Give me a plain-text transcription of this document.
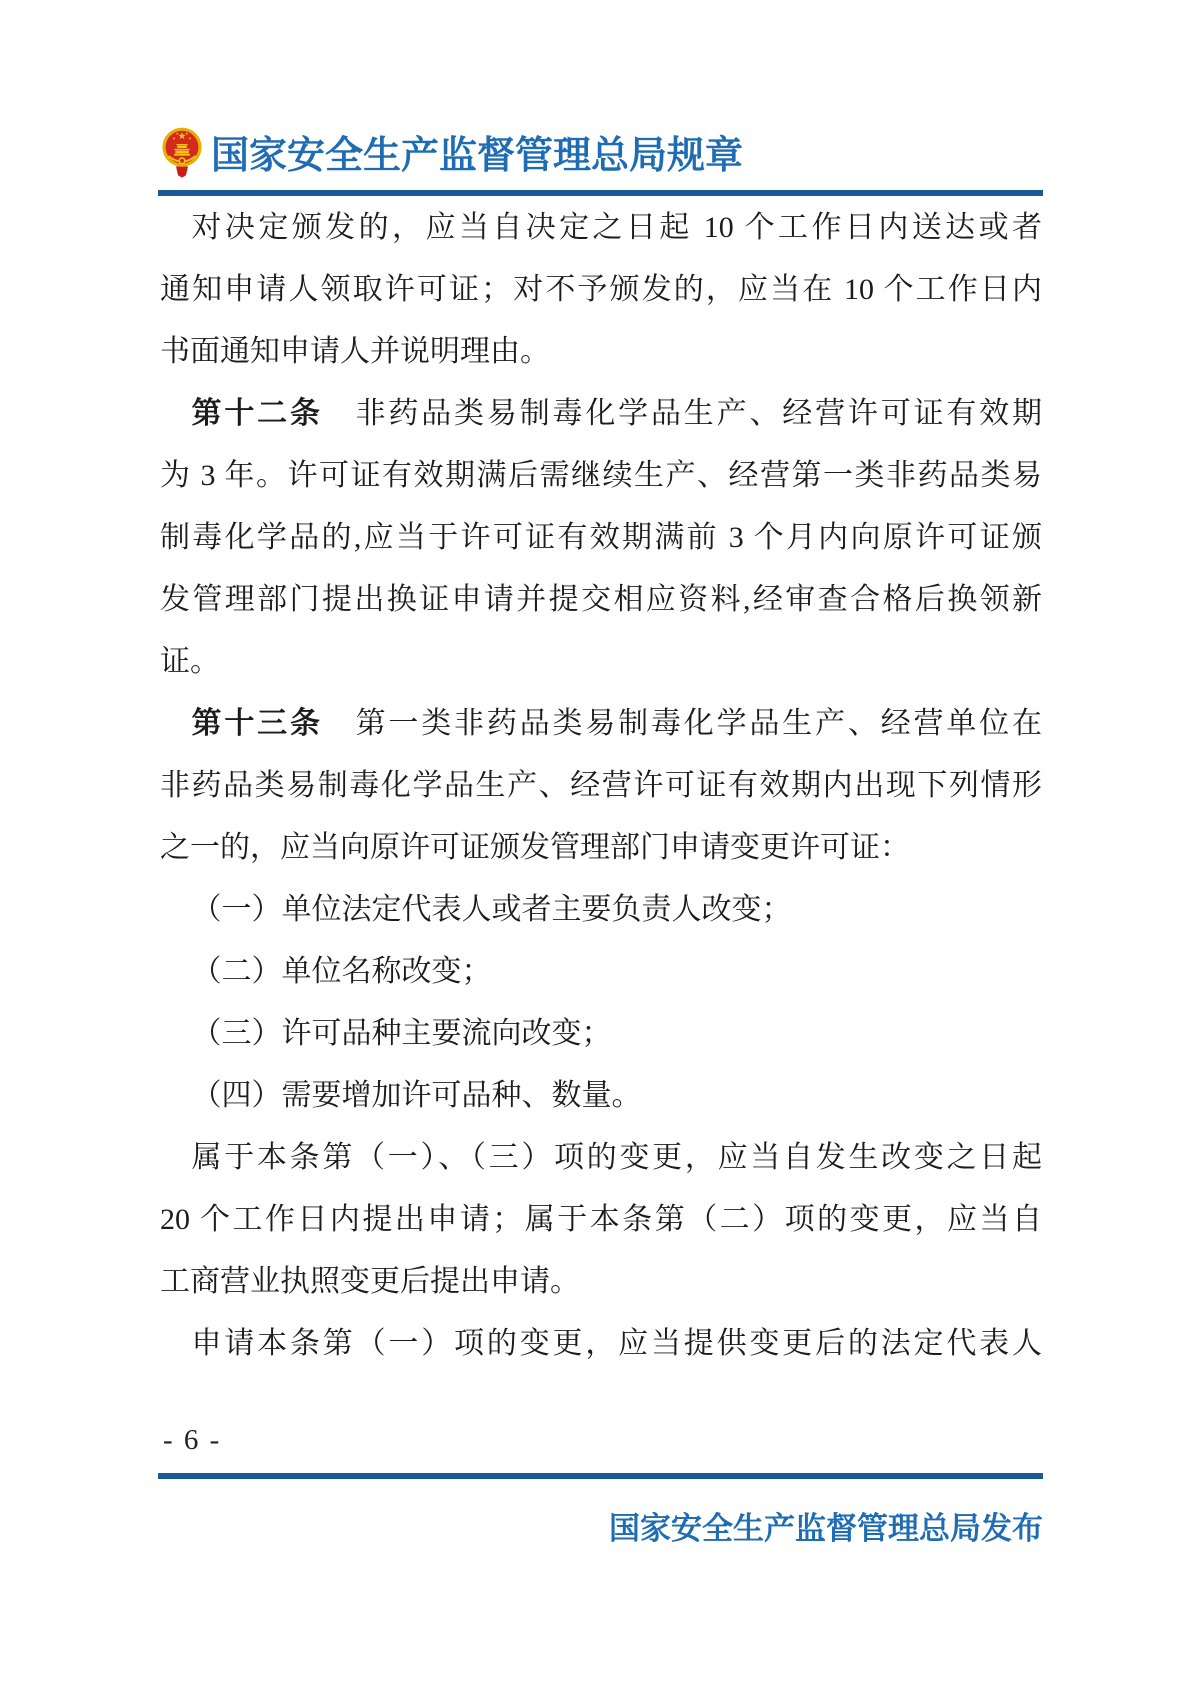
国家安全生产监督管理总局规章
对决定颁发的，应当自决定之日起 10 个工作日内送达或者
通知申请人领取许可证；对不予颁发的，应当在 10 个工作日内
书面通知申请人并说明理由。
第十二条　非药品类易制毒化学品生产、经营许可证有效期
为 3 年。许可证有效期满后需继续生产、经营第一类非药品类易
制毒化学品的,应当于许可证有效期满前 3 个月内向原许可证颁
发管理部门提出换证申请并提交相应资料,经审查合格后换领新
证。
第十三条　第一类非药品类易制毒化学品生产、经营单位在
非药品类易制毒化学品生产、经营许可证有效期内出现下列情形
之一的，应当向原许可证颁发管理部门申请变更许可证：
（一）单位法定代表人或者主要负责人改变；
（二）单位名称改变；
（三）许可品种主要流向改变；
（四）需要增加许可品种、数量。
属于本条第（一）、（三）项的变更，应当自发生改变之日起
20 个工作日内提出申请；属于本条第（二）项的变更，应当自
工商营业执照变更后提出申请。
申请本条第（一）项的变更，应当提供变更后的法定代表人
- 6 -
国家安全生产监督管理总局发布
